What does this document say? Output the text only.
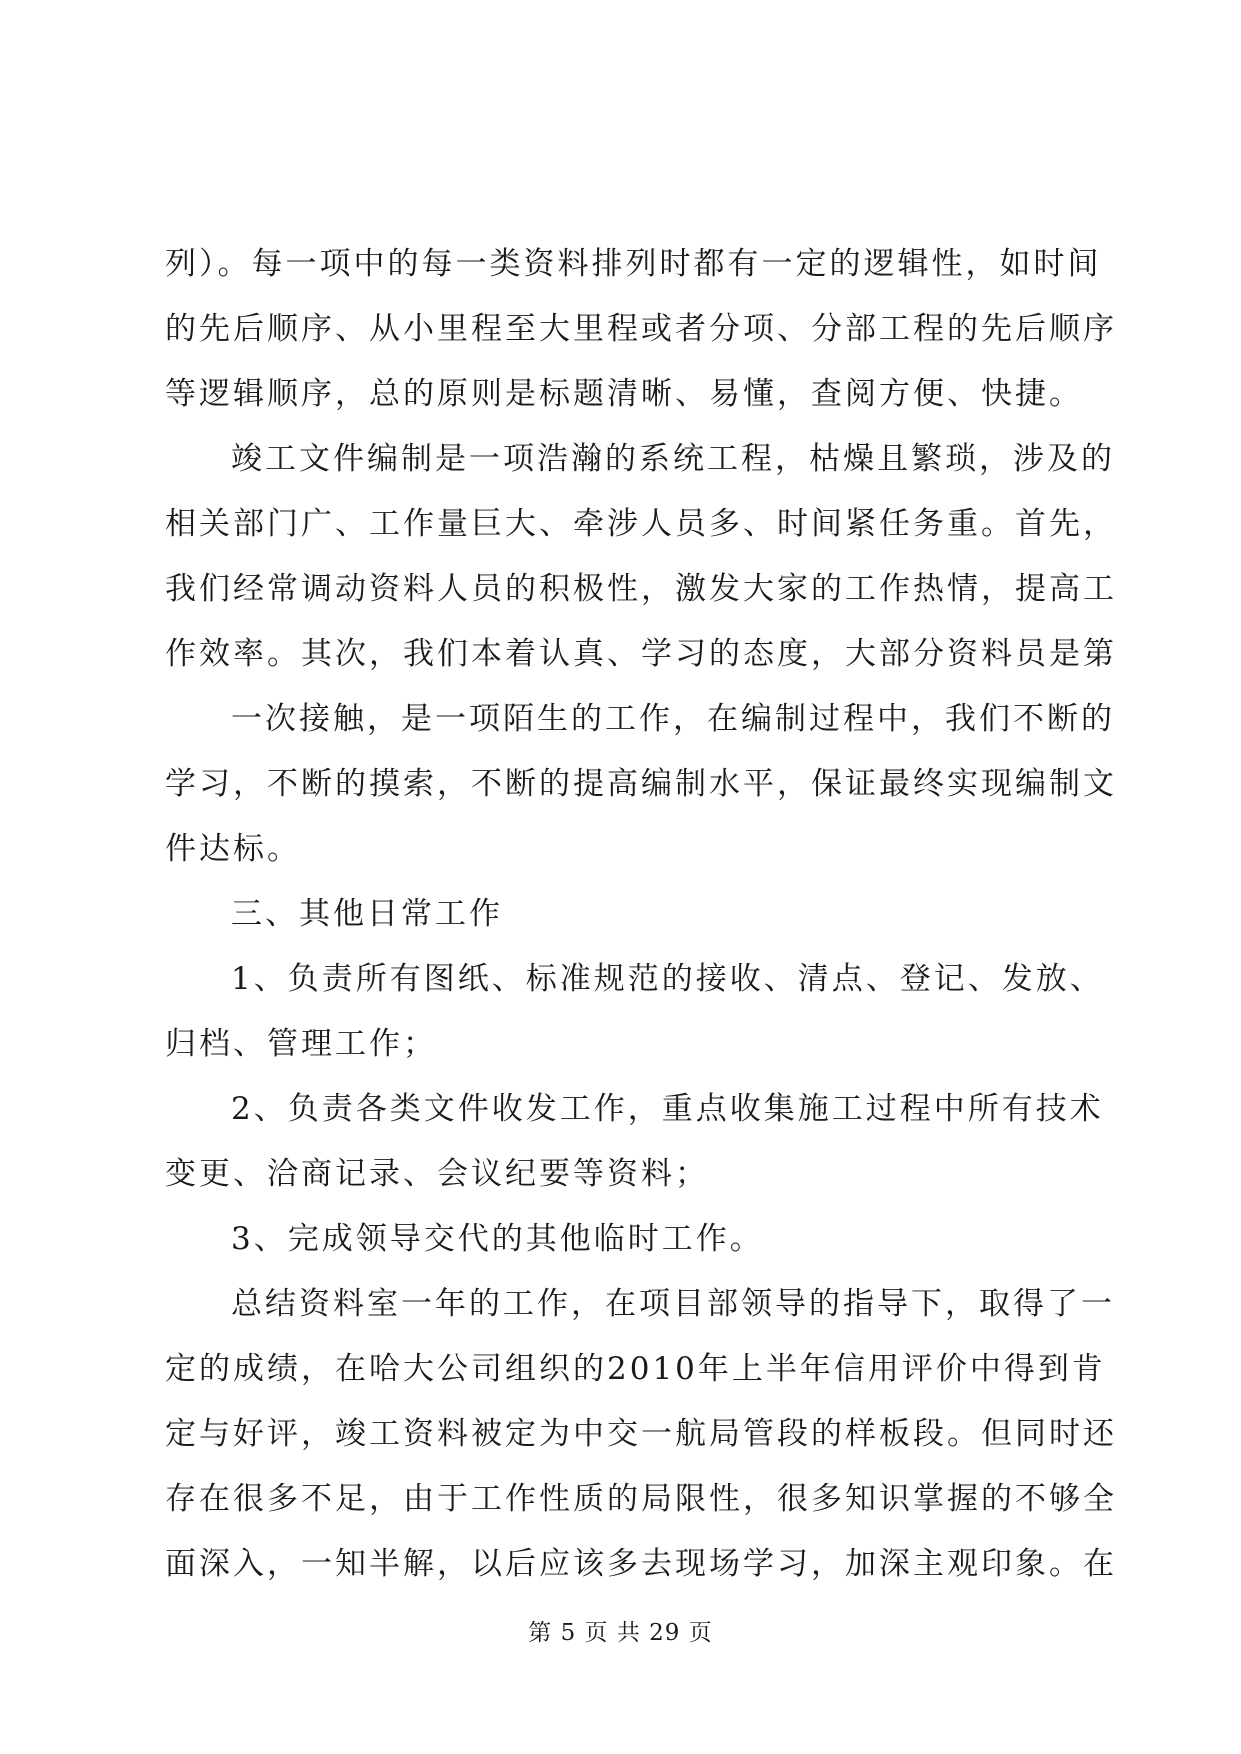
列）。每一项中的每一类资料排列时都有一定的逻辑性，如时间
的先后顺序、从小里程至大里程或者分项、分部工程的先后顺序
等逻辑顺序，总的原则是标题清晰、易懂，查阅方便、快捷。
竣工文件编制是一项浩瀚的系统工程，枯燥且繁琐，涉及的
相关部门广、工作量巨大、牵涉人员多、时间紧任务重。首先，
我们经常调动资料人员的积极性，激发大家的工作热情，提高工
作效率。其次，我们本着认真、学习的态度，大部分资料员是第
一次接触，是一项陌生的工作，在编制过程中，我们不断的
学习，不断的摸索，不断的提高编制水平，保证最终实现编制文
件达标。
三、其他日常工作
1、负责所有图纸、标准规范的接收、清点、登记、发放、
归档、管理工作；
2、负责各类文件收发工作，重点收集施工过程中所有技术
变更、洽商记录、会议纪要等资料；
3、完成领导交代的其他临时工作。
总结资料室一年的工作，在项目部领导的指导下，取得了一
定的成绩，在哈大公司组织的2010年上半年信用评价中得到肯
定与好评，竣工资料被定为中交一航局管段的样板段。但同时还
存在很多不足，由于工作性质的局限性，很多知识掌握的不够全
面深入，一知半解，以后应该多去现场学习，加深主观印象。在
第 5 页 共 29 页
